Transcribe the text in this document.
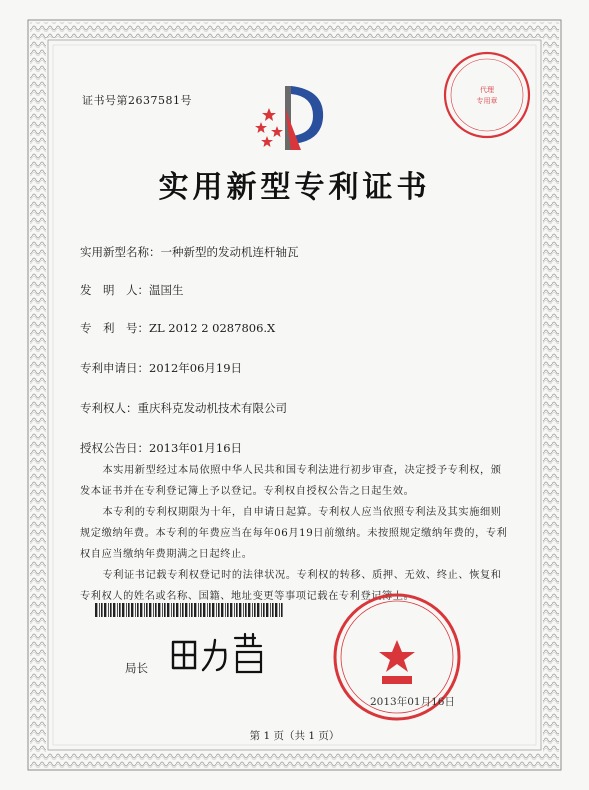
证书号第2637581号
代理
专用章
实用新型专利证书
实用新型名称：一种新型的发动机连杆轴瓦
发　明　人：温国生
专　利　号：ZL 2012 2 0287806.X
专利申请日：2012年06月19日
专利权人：重庆科克发动机技术有限公司
授权公告日：2013年01月16日

本实用新型经过本局依照中华人民共和国专利法进行初步审查，决定授予专利权，颁发本证书并在专利登记簿上予以登记。专利权自授权公告之日起生效。

本专利的专利权期限为十年，自申请日起算。专利权人应当依照专利法及其实施细则规定缴纳年费。本专利的年费应当在每年06月19日前缴纳。未按照规定缴纳年费的，专利权自应当缴纳年费期满之日起终止。

专利证书记载专利权登记时的法律状况。专利权的转移、质押、无效、终止、恢复和专利权人的姓名或名称、国籍、地址变更等事项记载在专利登记簿上。

局长
2013年01月16日
第 1 页（共 1 页）
